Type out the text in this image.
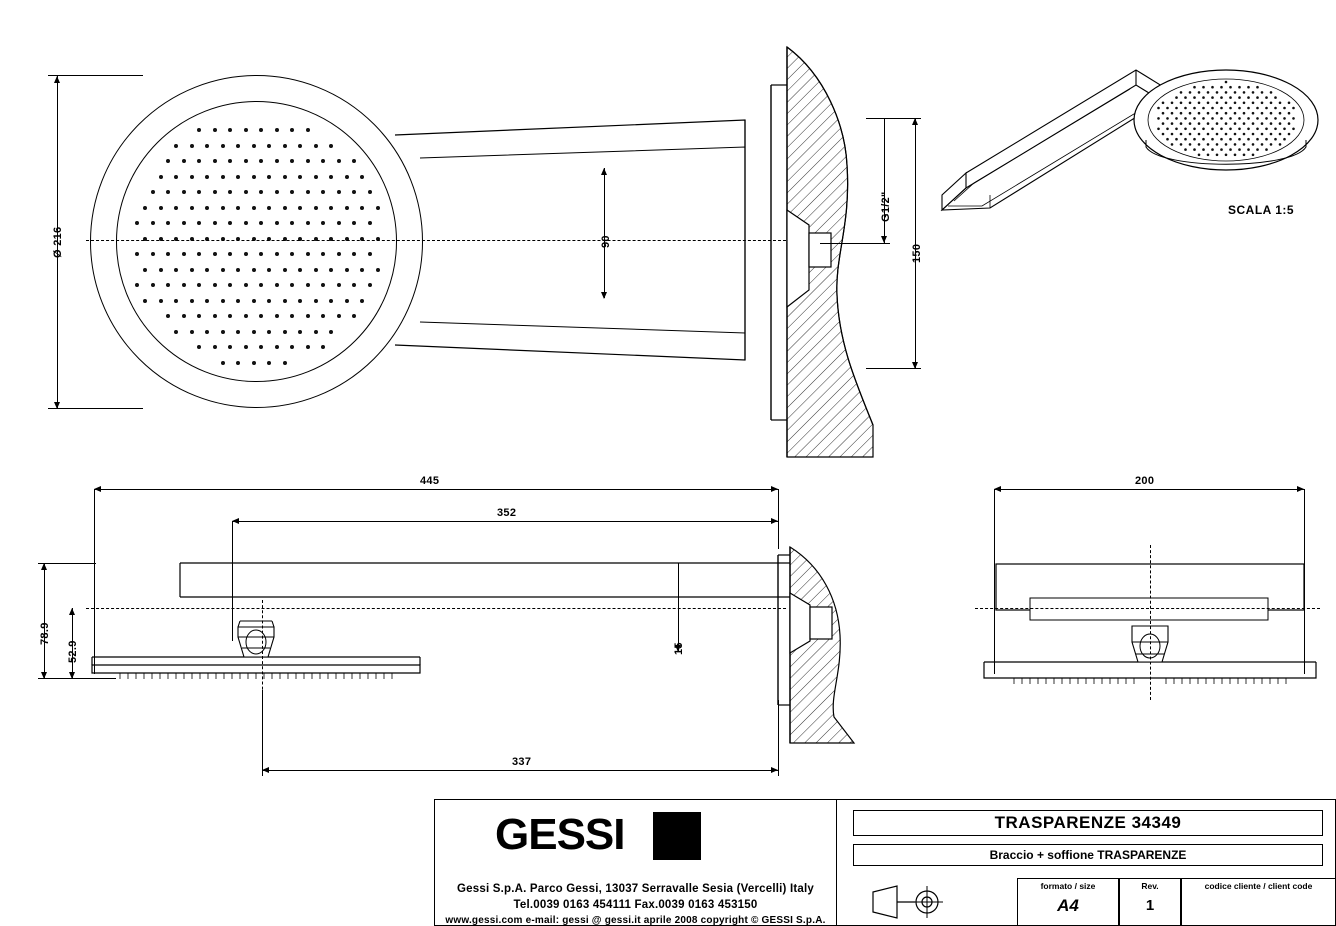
Ø 216	90
G1/2"
150
SCALA 1:5
445
352
78.9
52.9	15
337
200
GESSI
Gessi S.p.A. Parco Gessi, 13037 Serravalle Sesia (Vercelli) Italy
Tel.0039 0163 454111 Fax.0039 0163 453150
www.gessi.com e-mail: gessi @ gessi.it aprile 2008 copyright © GESSI S.p.A.
TRASPARENZE 34349
Braccio + soffione TRASPARENZE
formato / size
A4
Rev.
1
codice cliente / client code
